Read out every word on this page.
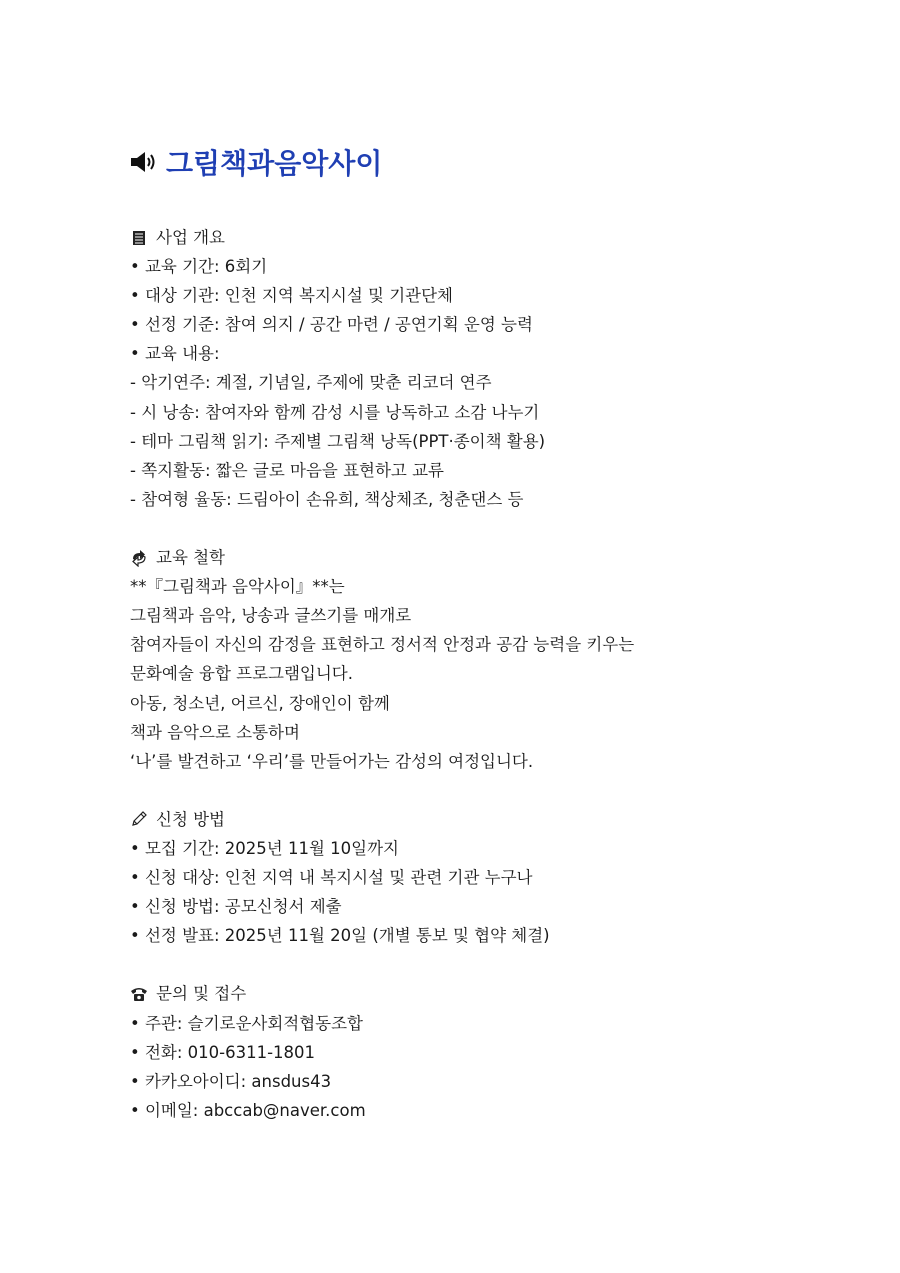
그림책과음악사이
사업 개요
• 교육 기간: 6회기
• 대상 기관: 인천 지역 복지시설 및 기관단체
• 선정 기준: 참여 의지 / 공간 마련 / 공연기획 운영 능력
• 교육 내용:
- 악기연주: 계절, 기념일, 주제에 맞춘 리코더 연주
- 시 낭송: 참여자와 함께 감성 시를 낭독하고 소감 나누기
- 테마 그림책 읽기: 주제별 그림책 낭독(PPT·종이책 활용)
- 쪽지활동: 짧은 글로 마음을 표현하고 교류
- 참여형 율동: 드림아이 손유희, 책상체조, 청춘댄스 등
교육 철학
**『그림책과 음악사이』**는
그림책과 음악, 낭송과 글쓰기를 매개로
참여자들이 자신의 감정을 표현하고 정서적 안정과 공감 능력을 키우는
문화예술 융합 프로그램입니다.
아동, 청소년, 어르신, 장애인이 함께
책과 음악으로 소통하며
‘나’를 발견하고 ‘우리’를 만들어가는 감성의 여정입니다.
신청 방법
• 모집 기간: 2025년 11월 10일까지
• 신청 대상: 인천 지역 내 복지시설 및 관련 기관 누구나
• 신청 방법: 공모신청서 제출
• 선정 발표: 2025년 11월 20일 (개별 통보 및 협약 체결)
문의 및 접수
• 주관: 슬기로운사회적협동조합
• 전화: 010-6311-1801
• 카카오아이디: ansdus43
• 이메일: abccab@naver.com
